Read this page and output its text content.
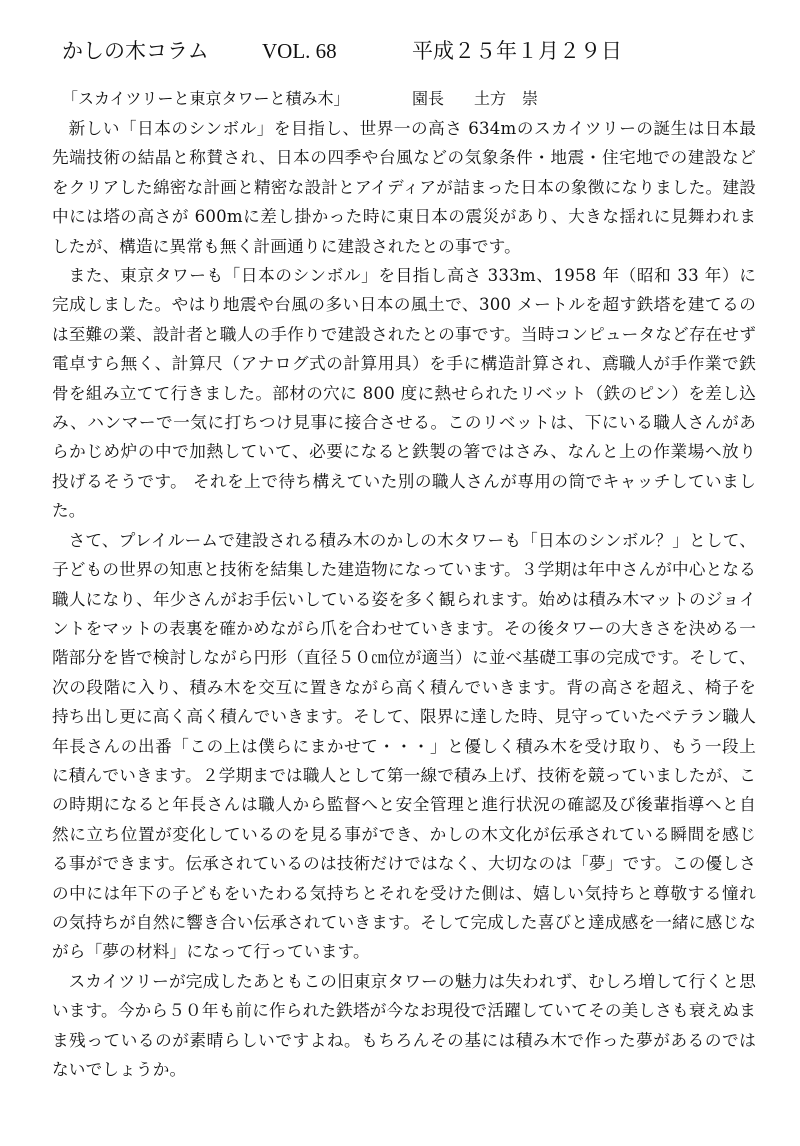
かしの木コラム	VOL. 68	平成２５年１月２９日
「スカイツリーと東京タワーと積み木」	園長 土方　崇

新しい「日本のシンボル」を目指し、世界一の高さ 634mのスカイツリーの誕生は日本最先端技術の結晶と称賛され、日本の四季や台風などの気象条件・地震・住宅地での建設などをクリアした綿密な計画と精密な設計とアイディアが詰まった日本の象徴になりました。建設中には塔の高さが 600mに差し掛かった時に東日本の震災があり、大きな揺れに見舞われましたが、構造に異常も無く計画通りに建設されたとの事です。

また、東京タワーも「日本のシンボル」を目指し高さ 333m、1958 年（昭和 33 年）に完成しました。やはり地震や台風の多い日本の風土で、300 メートルを超す鉄塔を建てるのは至難の業、設計者と職人の手作りで建設されたとの事です。当時コンピュータなど存在せず電卓すら無く、計算尺（アナログ式の計算用具）を手に構造計算され、鳶職人が手作業で鉄骨を組み立てて行きました。部材の穴に 800 度に熱せられたリベット（鉄のピン）を差し込み、ハンマーで一気に打ちつけ見事に接合させる。このリベットは、下にいる職人さんがあらかじめ炉の中で加熱していて、必要になると鉄製の箸ではさみ、なんと上の作業場へ放り投げるそうです。 それを上で待ち構えていた別の職人さんが専用の筒でキャッチしていました。

さて、プレイルームで建設される積み木のかしの木タワーも「日本のシンボル？」として、子どもの世界の知恵と技術を結集した建造物になっています。３学期は年中さんが中心となる職人になり、年少さんがお手伝いしている姿を多く観られます。始めは積み木マットのジョイントをマットの表裏を確かめながら爪を合わせていきます。その後タワーの大きさを決める一階部分を皆で検討しながら円形（直径５０㎝位が適当）に並べ基礎工事の完成です。そして、次の段階に入り、積み木を交互に置きながら高く積んでいきます。背の高さを超え、椅子を持ち出し更に高く高く積んでいきます。そして、限界に達した時、見守っていたベテラン職人年長さんの出番「この上は僕らにまかせて・・・」と優しく積み木を受け取り、もう一段上に積んでいきます。２学期までは職人として第一線で積み上げ、技術を競っていましたが、この時期になると年長さんは職人から監督へと安全管理と進行状況の確認及び後輩指導へと自然に立ち位置が変化しているのを見る事ができ、かしの木文化が伝承されている瞬間を感じる事ができます。伝承されているのは技術だけではなく、大切なのは「夢」です。この優しさの中には年下の子どもをいたわる気持ちとそれを受けた側は、嬉しい気持ちと尊敬する憧れの気持ちが自然に響き合い伝承されていきます。そして完成した喜びと達成感を一緒に感じながら「夢の材料」になって行っています。

スカイツリーが完成したあともこの旧東京タワーの魅力は失われず、むしろ増して行くと思います。今から５０年も前に作られた鉄塔が今なお現役で活躍していてその美しさも衰えぬまま残っているのが素晴らしいですよね。もちろんその基には積み木で作った夢があるのではないでしょうか。
